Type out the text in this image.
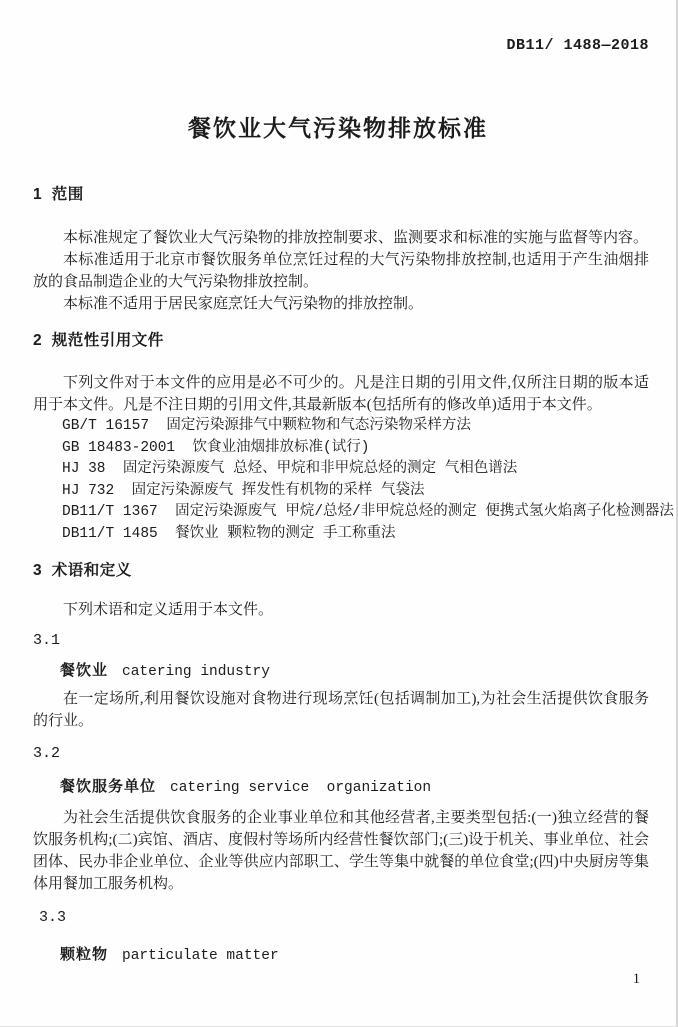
DB11/ 1488—2018
餐饮业大气污染物排放标准
1  范围

本标准规定了餐饮业大气污染物的排放控制要求、监测要求和标准的实施与监督等内容。

本标准适用于北京市餐饮服务单位烹饪过程的大气污染物排放控制,也适用于产生油烟排放的食品制造企业的大气污染物排放控制。

本标准不适用于居民家庭烹饪大气污染物的排放控制。

2  规范性引用文件

下列文件对于本文件的应用是必不可少的。凡是注日期的引用文件,仅所注日期的版本适用于本文件。凡是不注日期的引用文件,其最新版本(包括所有的修改单)适用于本文件。

GB/T 16157  固定污染源排气中颗粒物和气态污染物采样方法
GB 18483-2001  饮食业油烟排放标准(试行)
HJ 38  固定污染源废气 总烃、甲烷和非甲烷总烃的测定 气相色谱法
HJ 732  固定污染源废气 挥发性有机物的采样 气袋法
DB11/T 1367  固定污染源废气 甲烷/总烃/非甲烷总烃的测定 便携式氢火焰离子化检测器法
DB11/T 1485  餐饮业 颗粒物的测定 手工称重法
3  术语和定义

下列术语和定义适用于本文件。

3.1
餐饮业 catering industry

在一定场所,利用餐饮设施对食物进行现场烹饪(包括调制加工),为社会生活提供饮食服务的行业。

3.2
餐饮服务单位 catering service  organization

为社会生活提供饮食服务的企业事业单位和其他经营者,主要类型包括:(一)独立经营的餐饮服务机构;(二)宾馆、酒店、度假村等场所内经营性餐饮部门;(三)设于机关、事业单位、社会团体、民办非企业单位、企业等供应内部职工、学生等集中就餐的单位食堂;(四)中央厨房等集体用餐加工服务机构。

3.3
颗粒物 particulate matter
1
